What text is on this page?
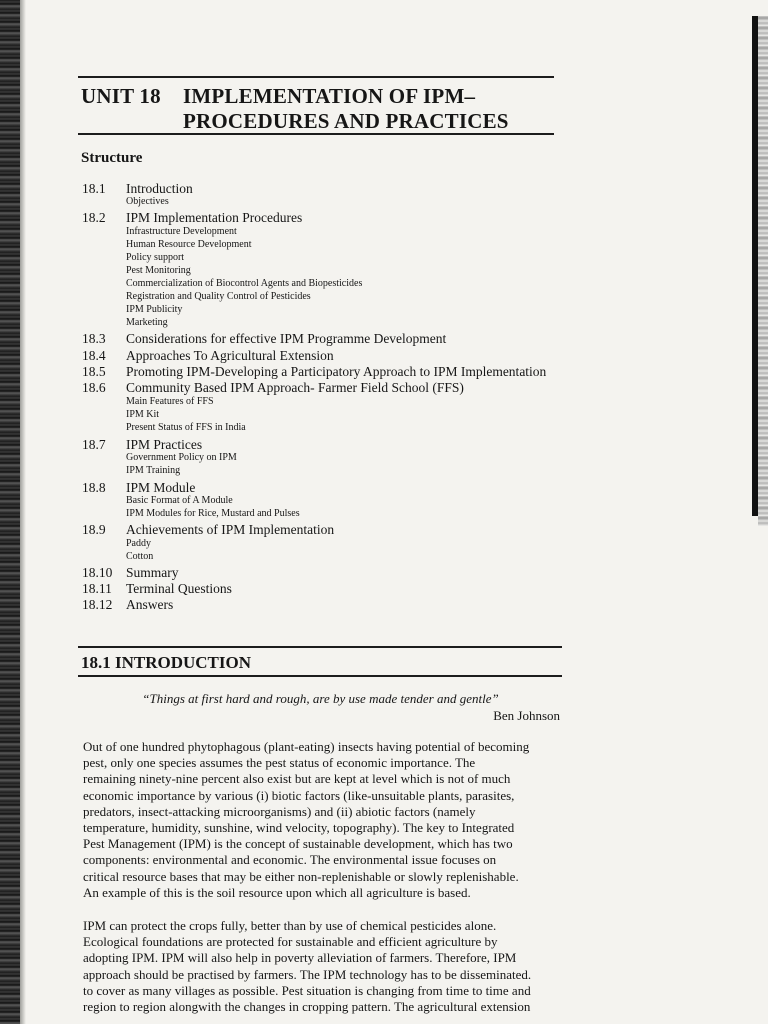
UNIT 18 IMPLEMENTATION OF IPM–
PROCEDURES AND PRACTICES
Structure
18.1 Introduction
Objectives
18.2 IPM Implementation Procedures
Infrastructure Development
Human Resource Development
Policy support
Pest Monitoring
Commercialization of Biocontrol Agents and Biopesticides
Registration and Quality Control of Pesticides
IPM Publicity
Marketing
18.3 Considerations for effective IPM Programme Development
18.4 Approaches To Agricultural Extension
18.5 Promoting IPM-Developing a Participatory Approach to IPM Implementation
18.6 Community Based IPM Approach- Farmer Field School (FFS)
Main Features of FFS
IPM Kit
Present Status of FFS in India
18.7 IPM Practices
Government Policy on IPM
IPM Training
18.8 IPM Module
Basic Format of A Module
IPM Modules for Rice, Mustard and Pulses
18.9 Achievements of IPM Implementation
Paddy
Cotton
18.10 Summary
18.11 Terminal Questions
18.12 Answers
18.1 INTRODUCTION

“Things at first hard and rough, are by use made tender and gentle”

Ben Johnson

Out of one hundred phytophagous (plant-eating) insects having potential of becoming
pest, only one species assumes the pest status of economic importance. The
remaining ninety-nine percent also exist but are kept at level which is not of much
economic importance by various (i) biotic factors (like-unsuitable plants, parasites,
predators, insect-attacking microorganisms) and (ii) abiotic factors (namely
temperature, humidity, sunshine, wind velocity, topography). The key to Integrated
Pest Management (IPM) is the concept of sustainable development, which has two
components: environmental and economic. The environmental issue focuses on
critical resource bases that may be either non-replenishable or slowly replenishable.
An example of this is the soil resource upon which all agriculture is based.

IPM can protect the crops fully, better than by use of chemical pesticides alone.
Ecological foundations are protected for sustainable and efficient agriculture by
adopting IPM. IPM will also help in poverty alleviation of farmers. Therefore, IPM
approach should be practised by farmers. The IPM technology has to be disseminated.
to cover as many villages as possible. Pest situation is changing from time to time and
region to region alongwith the changes in cropping pattern. The agricultural extension
